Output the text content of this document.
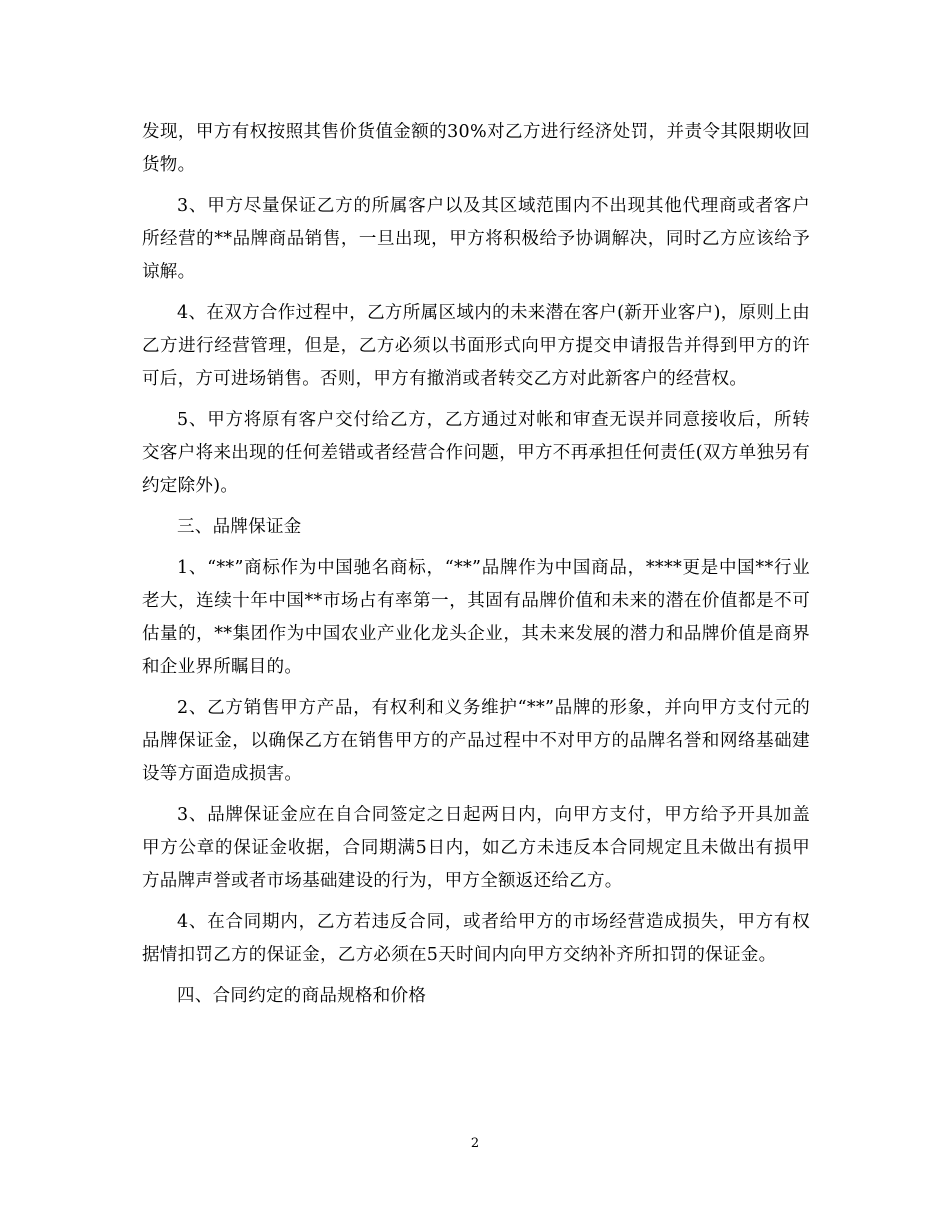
发现，甲方有权按照其售价货值金额的30%对乙方进行经济处罚，并责令其限期收回货物。

3、甲方尽量保证乙方的所属客户以及其区域范围内不出现其他代理商或者客户所经营的**品牌商品销售，一旦出现，甲方将积极给予协调解决，同时乙方应该给予谅解。

4、在双方合作过程中，乙方所属区域内的未来潜在客户(新开业客户)，原则上由乙方进行经营管理，但是，乙方必须以书面形式向甲方提交申请报告并得到甲方的许可后，方可进场销售。否则，甲方有撤消或者转交乙方对此新客户的经营权。

5、甲方将原有客户交付给乙方，乙方通过对帐和审查无误并同意接收后，所转交客户将来出现的任何差错或者经营合作问题，甲方不再承担任何责任(双方单独另有约定除外)。

三、品牌保证金

1、“**”商标作为中国驰名商标，“**”品牌作为中国商品，****更是中国**行业老大，连续十年中国**市场占有率第一，其固有品牌价值和未来的潜在价值都是不可估量的，**集团作为中国农业产业化龙头企业，其未来发展的潜力和品牌价值是商界和企业界所瞩目的。

2、乙方销售甲方产品，有权利和义务维护“**”品牌的形象，并向甲方支付元的品牌保证金，以确保乙方在销售甲方的产品过程中不对甲方的品牌名誉和网络基础建设等方面造成损害。

3、品牌保证金应在自合同签定之日起两日内，向甲方支付，甲方给予开具加盖甲方公章的保证金收据，合同期满5日内，如乙方未违反本合同规定且未做出有损甲方品牌声誉或者市场基础建设的行为，甲方全额返还给乙方。

4、在合同期内，乙方若违反合同，或者给甲方的市场经营造成损失，甲方有权据情扣罚乙方的保证金，乙方必须在5天时间内向甲方交纳补齐所扣罚的保证金。

四、合同约定的商品规格和价格

2
